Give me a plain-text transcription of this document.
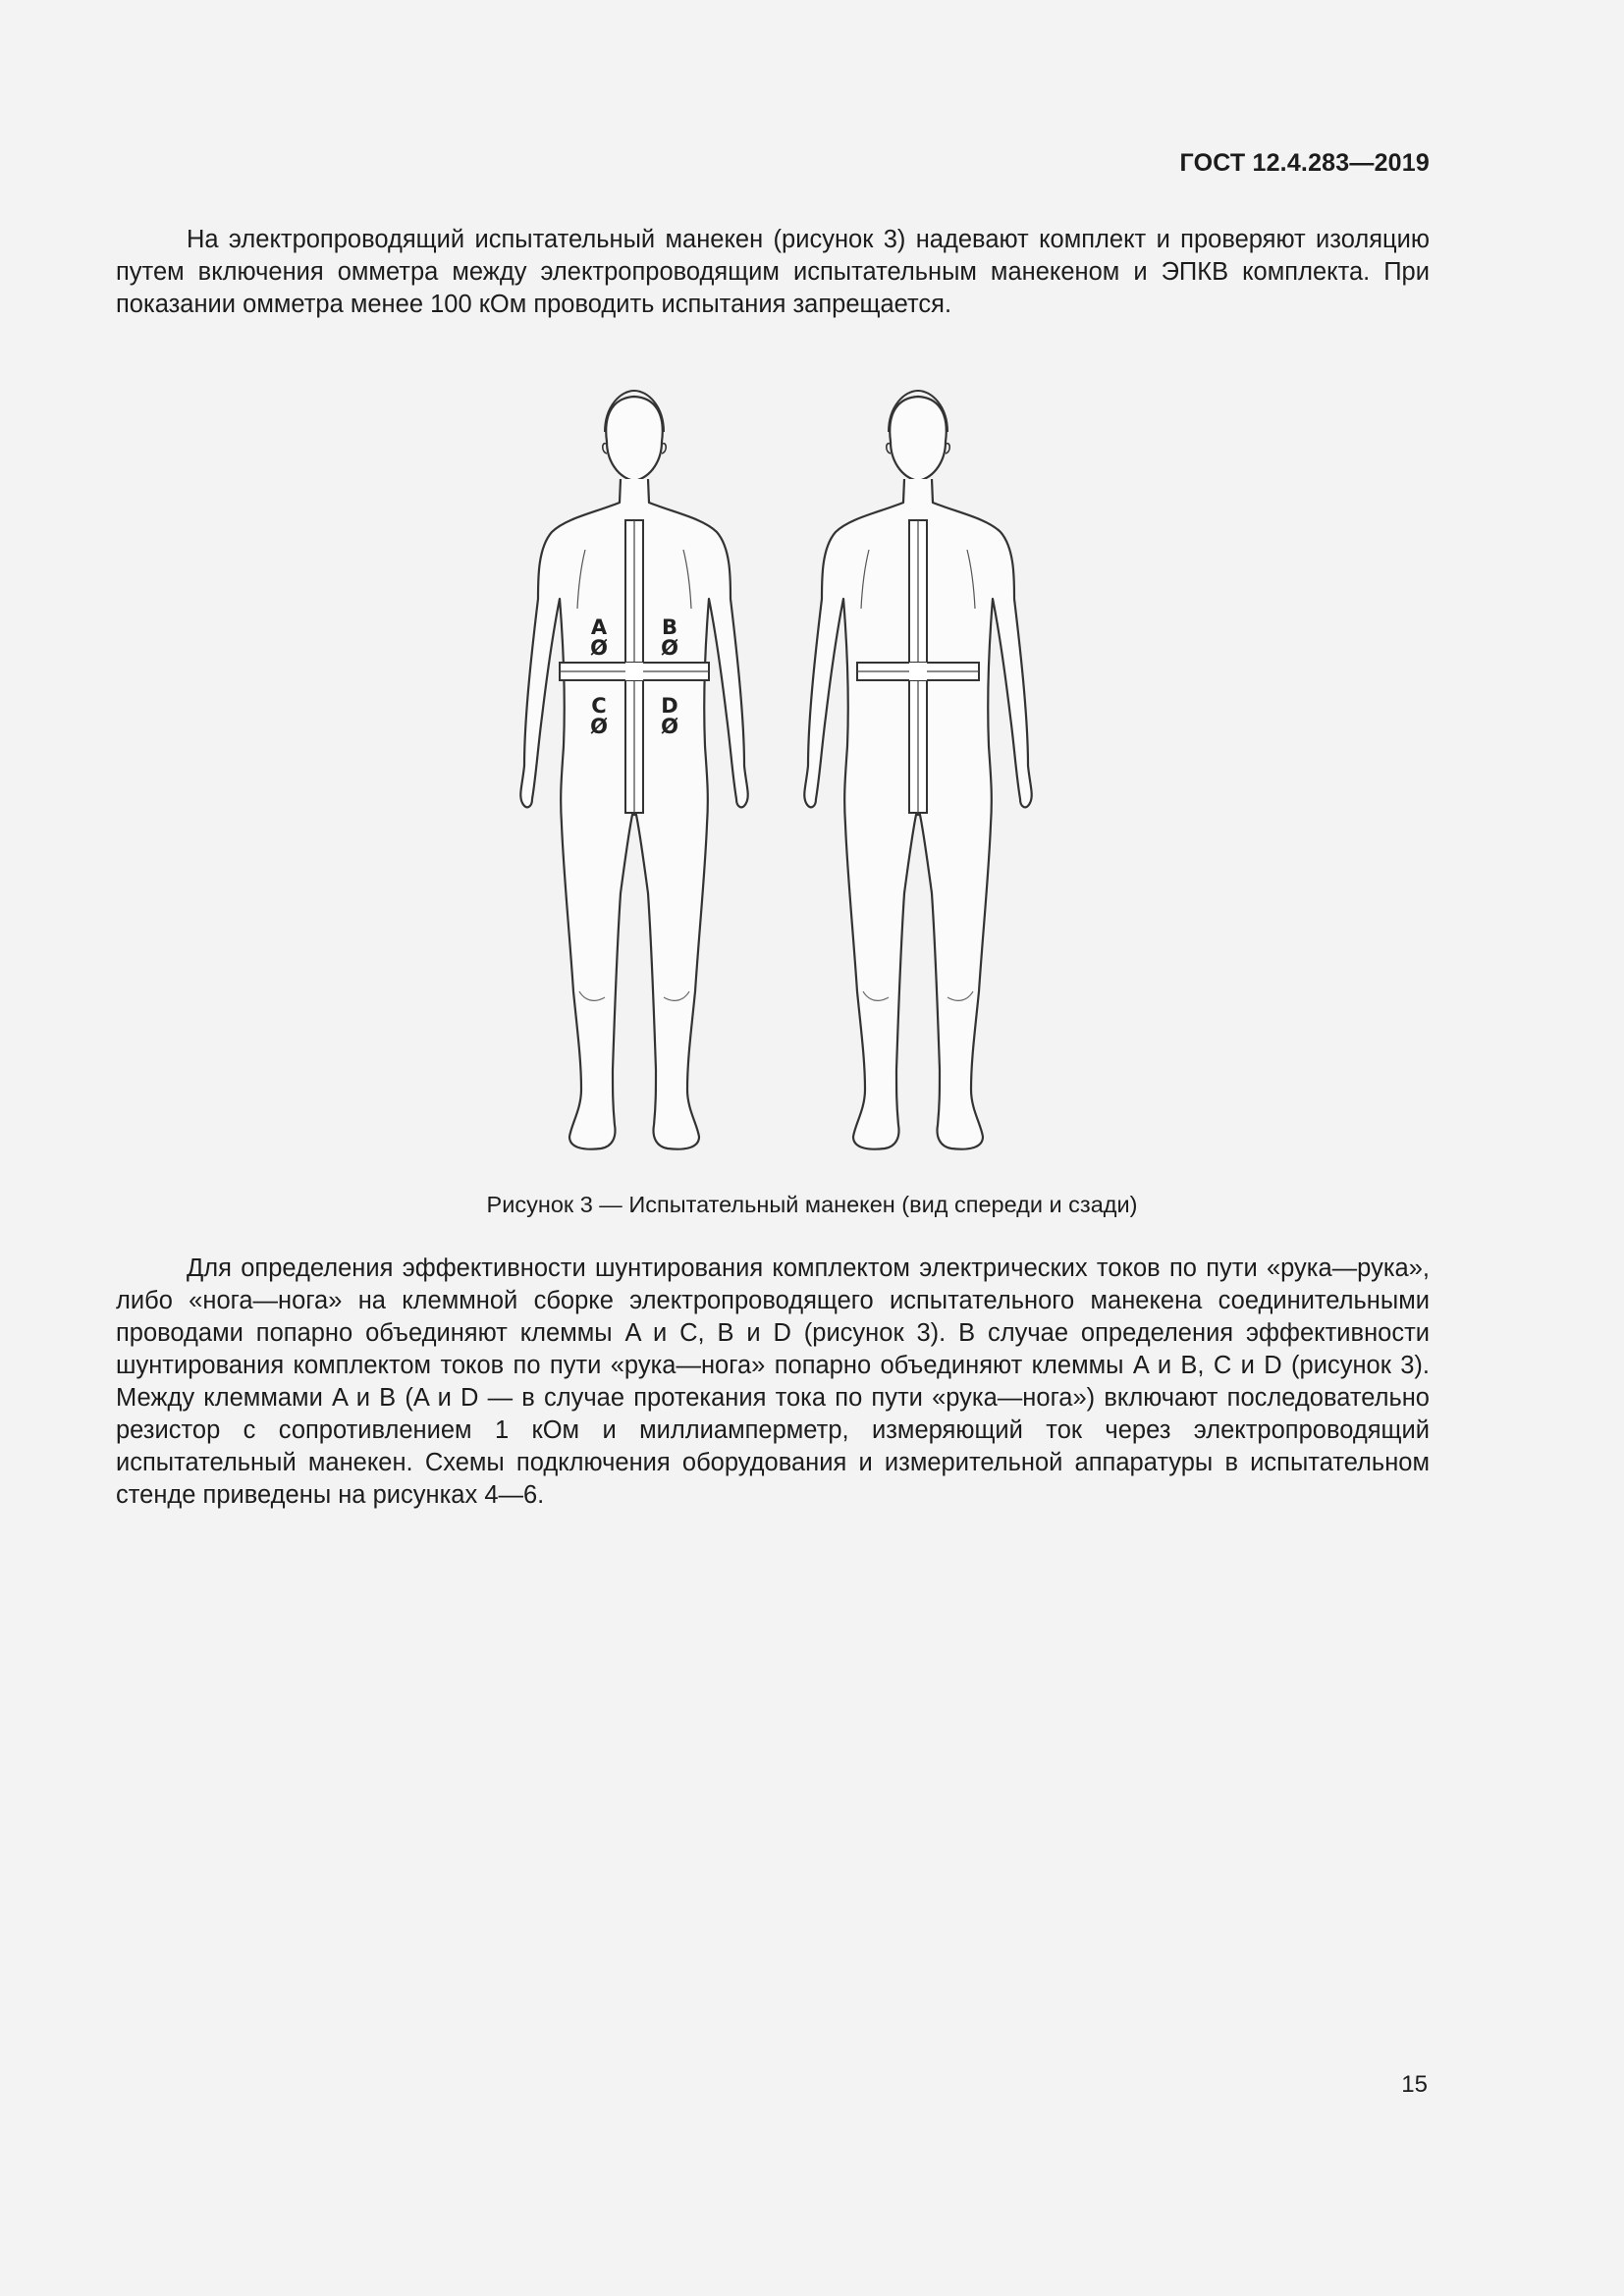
ГОСТ 12.4.283—2019

На электропроводящий испытательный манекен (рисунок 3) надевают комплект и проверяют изоляцию путем включения омметра между электропроводящим испытательным манекеном и ЭПКВ комплекта. При показании омметра менее 100 кОм проводить испытания запрещается.

A
Ø
B
Ø
C
Ø
D
Ø
Рисунок 3 — Испытательный манекен (вид спереди и сзади)

Для определения эффективности шунтирования комплектом электрических токов по пути «рука—рука», либо «нога—нога» на клеммной сборке электропроводящего испытательного манекена соединительными проводами попарно объединяют клеммы A и C, B и D (рисунок 3). В случае определения эффективности шунтирования комплектом токов по пути «рука—нога» попарно объединяют клеммы A и B, C и D (рисунок 3). Между клеммами A и B (A и D — в случае протекания тока по пути «рука—нога») включают последовательно резистор с сопротивлением 1 кОм и миллиамперметр, измеряющий ток через электропроводящий испытательный манекен. Схемы подключения оборудования и измерительной аппаратуры в испытательном стенде приведены на рисунках 4—6.

15
